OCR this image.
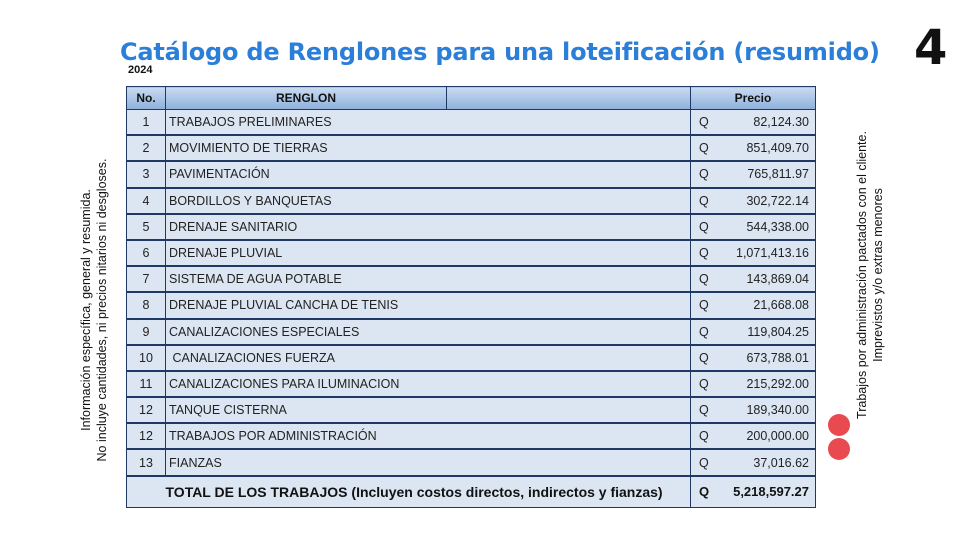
Catálogo de Renglones para una loteificación (resumido)
2024	4
Información específica, general y resumida. No incluye cantidades, ni precios nitarios ni desgloses.	Trabajos por administración pactados con el cliente. Imprevistos y/o extras menores
No.	RENGLON		Precio	
1	TRABAJOS PRELIMINARES		Q	82,124.30
2	MOVIMIENTO DE TIERRAS		Q	851,409.70
3	PAVIMENTACIÓN		Q	765,811.97
4	BORDILLOS Y BANQUETAS		Q	302,722.14
5	DRENAJE SANITARIO		Q	544,338.00
6	DRENAJE PLUVIAL		Q	1,071,413.16
7	SISTEMA DE AGUA POTABLE		Q	143,869.04
8	DRENAJE PLUVIAL CANCHA DE TENIS		Q	21,668.08
9	CANALIZACIONES ESPECIALES		Q	119,804.25
10	CANALIZACIONES FUERZA		Q	673,788.01
11	CANALIZACIONES PARA ILUMINACION		Q	215,292.00
12	TANQUE CISTERNA		Q	189,340.00
12	TRABAJOS POR ADMINISTRACIÓN		Q	200,000.00
13	FIANZAS		Q	37,016.62
	TOTAL DE LOS TRABAJOS (Incluyen costos directos, indirectos y fianzas)		Q	5,218,597.27
